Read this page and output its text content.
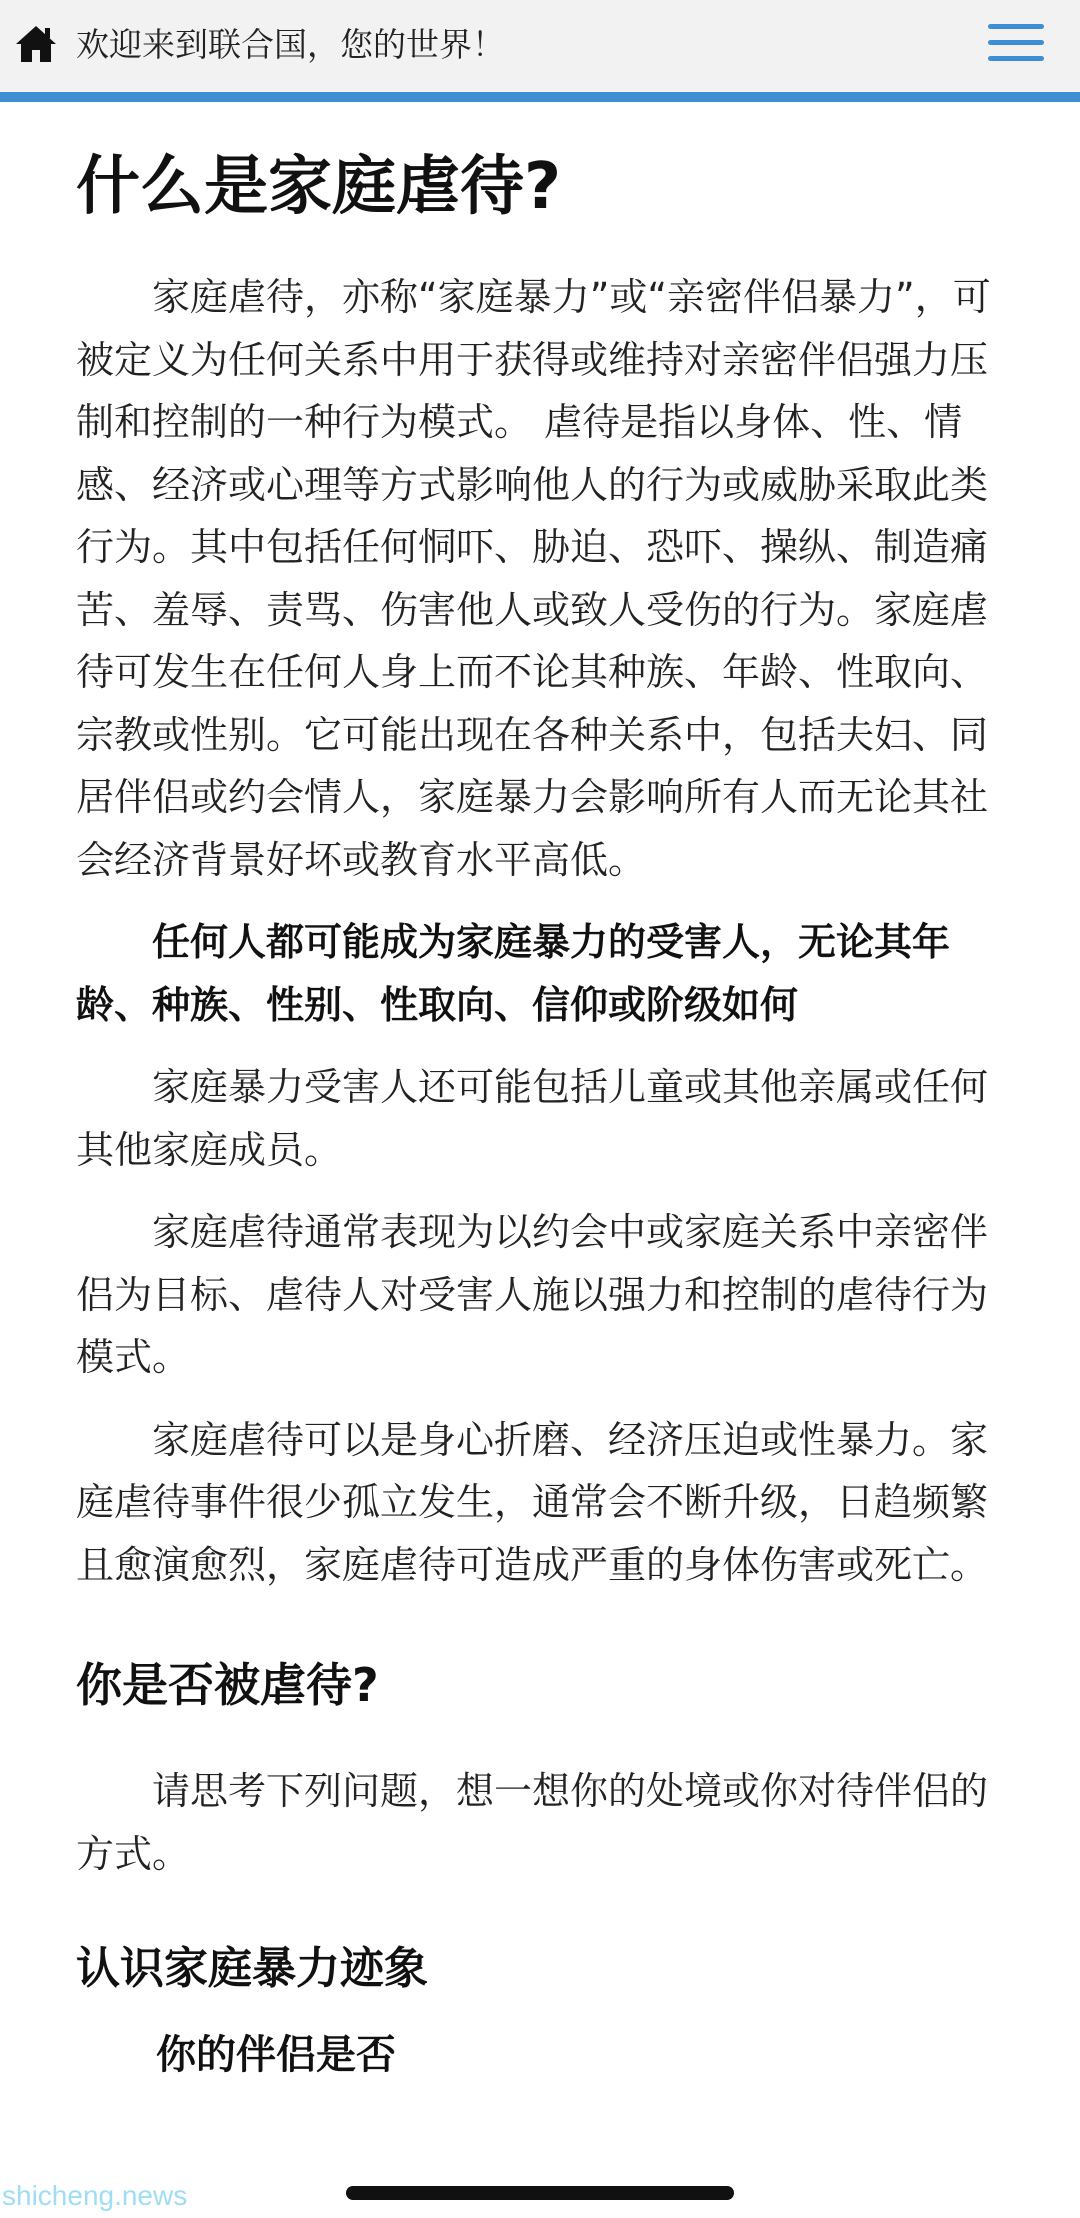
欢迎来到联合国，您的世界！
什么是家庭虐待?

家庭虐待，亦称“家庭暴力”或“亲密伴侣暴力”，可被定义为任何关系中用于获得或维持对亲密伴侣强力压制和控制的一种行为模式。 虐待是指以身体、性、情感、经济或心理等方式影响他人的行为或威胁采取此类行为。其中包括任何恫吓、胁迫、恐吓、操纵、制造痛苦、羞辱、责骂、伤害他人或致人受伤的行为。家庭虐待可发生在任何人身上而不论其种族、年龄、性取向、宗教或性别。它可能出现在各种关系中，包括夫妇、同居伴侣或约会情人，家庭暴力会影响所有人而无论其社会经济背景好坏或教育水平高低。

任何人都可能成为家庭暴力的受害人，无论其年龄、种族、性别、性取向、信仰或阶级如何

家庭暴力受害人还可能包括儿童或其他亲属或任何其他家庭成员。

家庭虐待通常表现为以约会中或家庭关系中亲密伴侣为目标、虐待人对受害人施以强力和控制的虐待行为模式。

家庭虐待可以是身心折磨、经济压迫或性暴力。家庭虐待事件很少孤立发生，通常会不断升级，日趋频繁且愈演愈烈，家庭虐待可造成严重的身体伤害或死亡。

你是否被虐待?

请思考下列问题，想一想你的处境或你对待伴侣的方式。

认识家庭暴力迹象
你的伴侣是否
shicheng.news
